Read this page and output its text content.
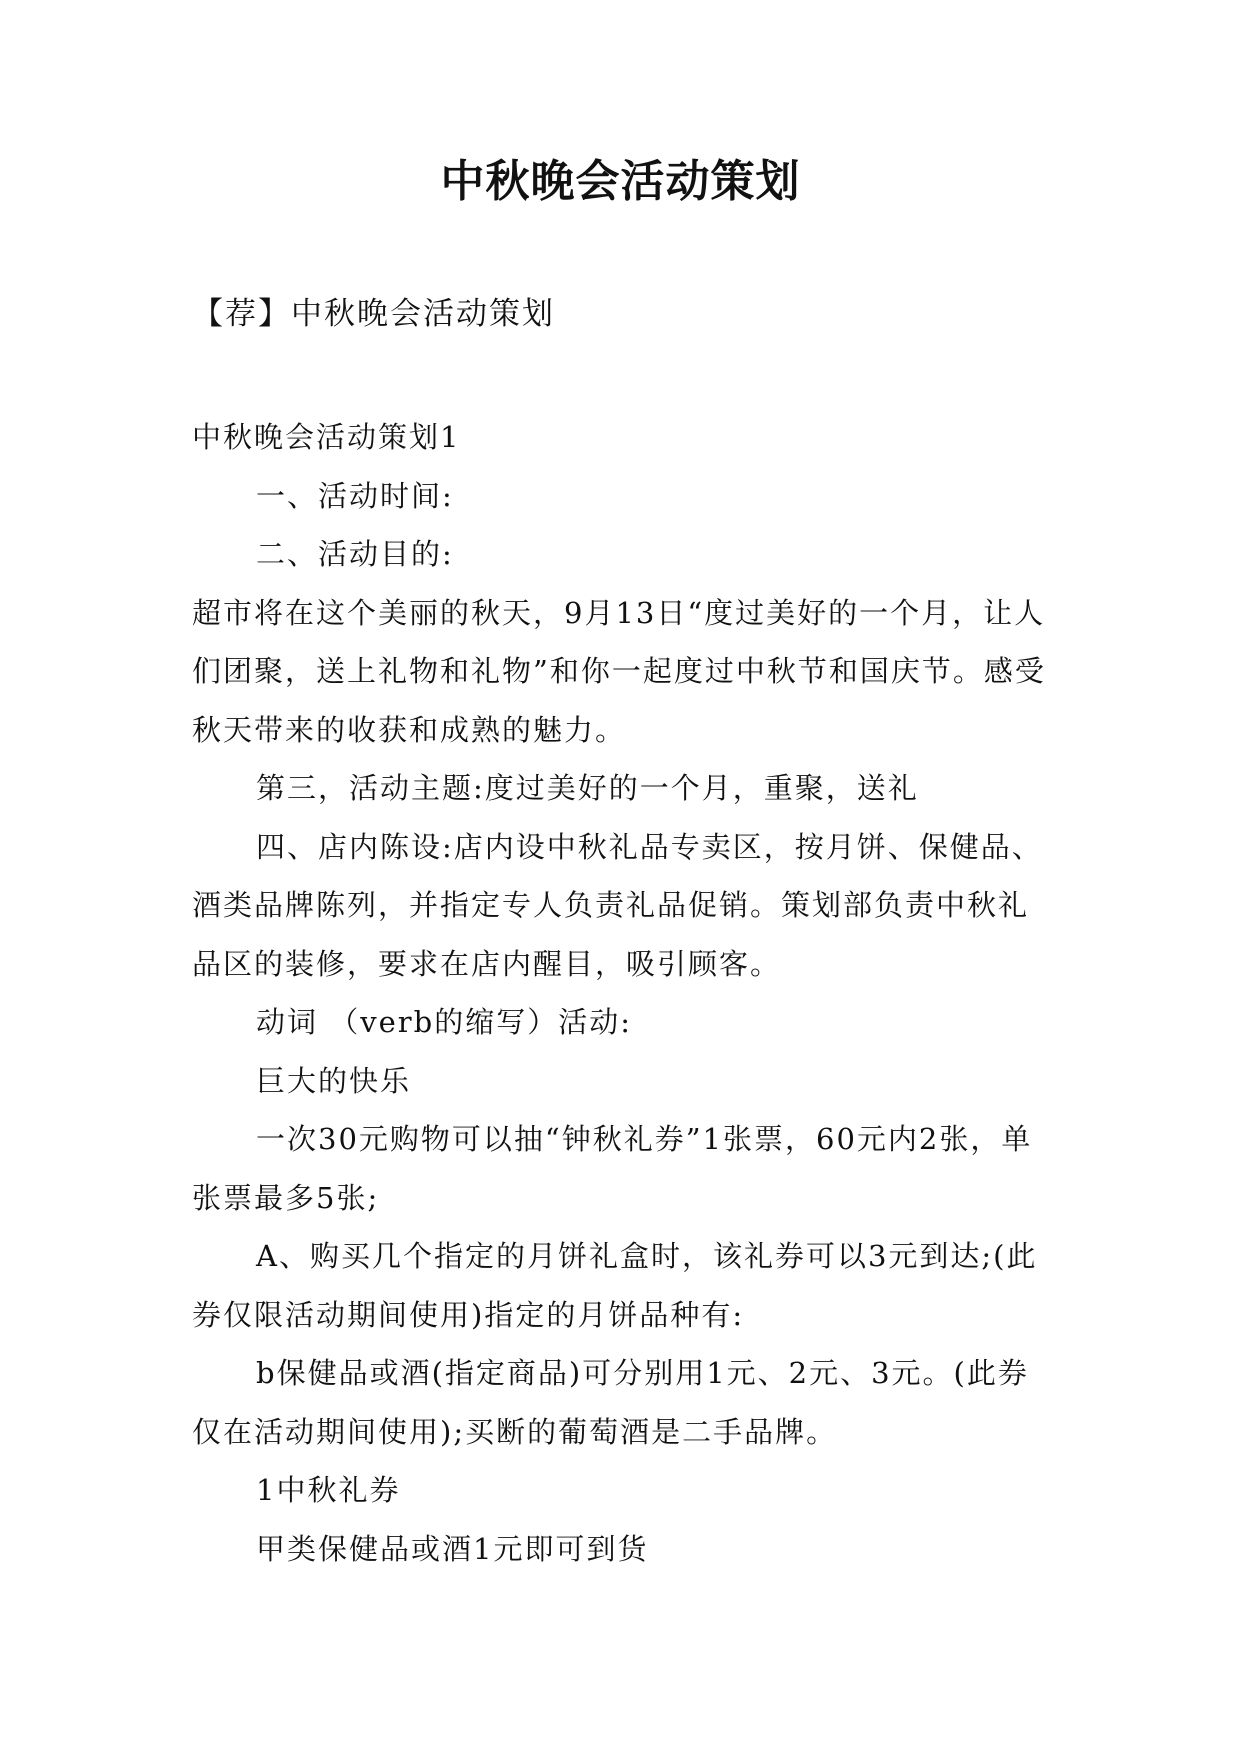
中秋晚会活动策划
【荐】中秋晚会活动策划

中秋晚会活动策划1

一、活动时间:

二、活动目的:

超市将在这个美丽的秋天，9月13日“度过美好的一个月，让人们团聚，送上礼物和礼物”和你一起度过中秋节和国庆节。感受秋天带来的收获和成熟的魅力。

第三，活动主题:度过美好的一个月，重聚，送礼

四、店内陈设:店内设中秋礼品专卖区，按月饼、保健品、酒类品牌陈列，并指定专人负责礼品促销。策划部负责中秋礼品区的装修，要求在店内醒目，吸引顾客。

动词 （verb的缩写）活动:

巨大的快乐

一次30元购物可以抽“钟秋礼券”1张票，60元内2张，单张票最多5张;

A、购买几个指定的月饼礼盒时，该礼券可以3元到达;(此券仅限活动期间使用)指定的月饼品种有:

b保健品或酒(指定商品)可分别用1元、2元、3元。(此券仅在活动期间使用);买断的葡萄酒是二手品牌。

1中秋礼券

甲类保健品或酒1元即可到货
